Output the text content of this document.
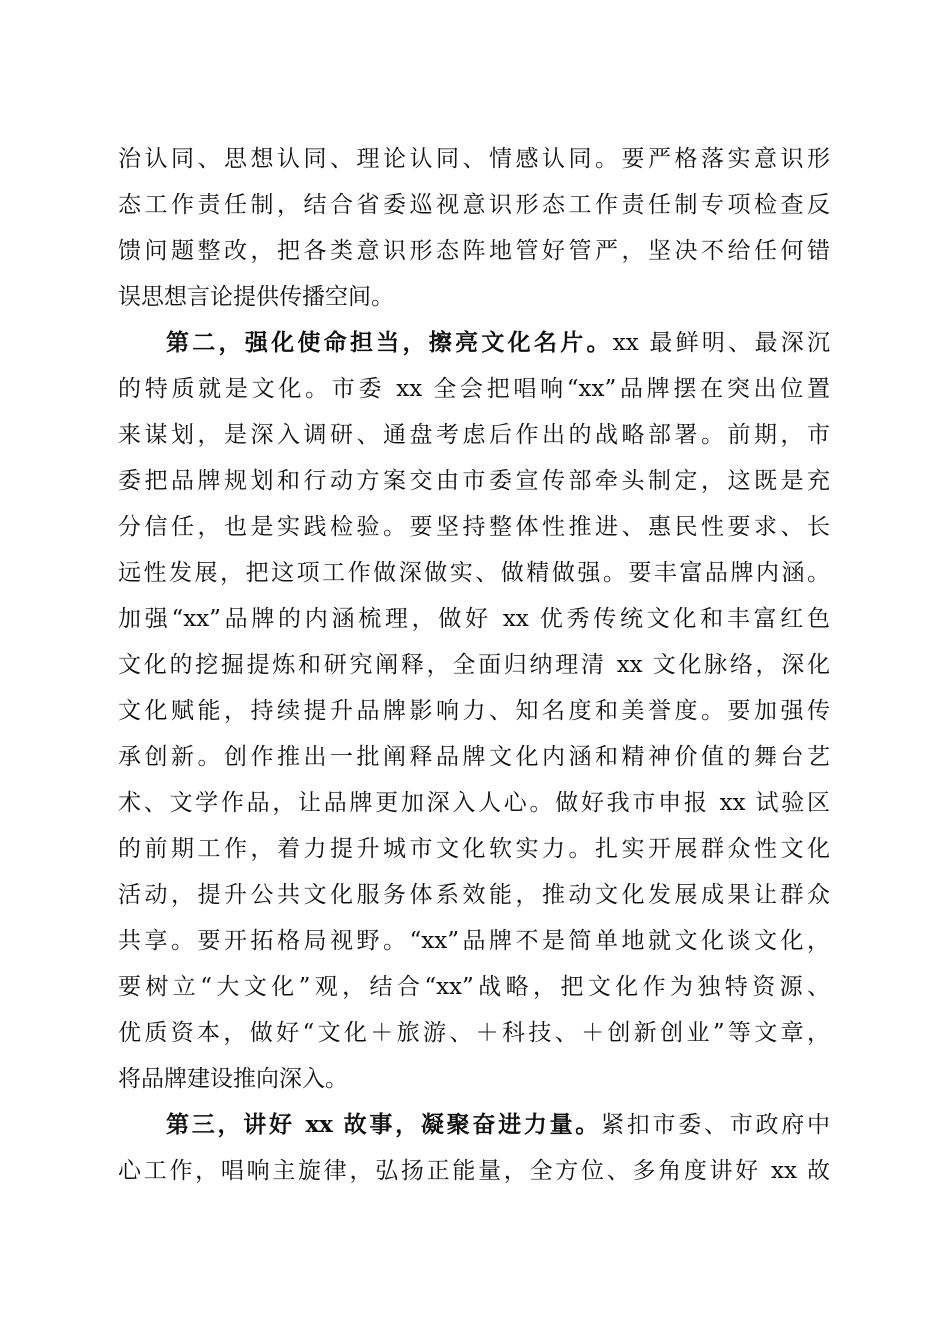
治认同、思想认同、理论认同、情感认同。要严格落实意识形
态工作责任制，结合省委巡视意识形态工作责任制专项检查反
馈问题整改，把各类意识形态阵地管好管严，坚决不给任何错
误思想言论提供传播空间。
第二，强化使命担当，擦亮文化名片。xx 最鲜明、最深沉
的特质就是文化。市委 xx 全会把唱响“xx”品牌摆在突出位置
来谋划，是深入调研、通盘考虑后作出的战略部署。前期，市
委把品牌规划和行动方案交由市委宣传部牵头制定，这既是充
分信任，也是实践检验。要坚持整体性推进、惠民性要求、长
远性发展，把这项工作做深做实、做精做强。要丰富品牌内涵。
加强“xx”品牌的内涵梳理，做好 xx 优秀传统文化和丰富红色
文化的挖掘提炼和研究阐释，全面归纳理清 xx 文化脉络，深化
文化赋能，持续提升品牌影响力、知名度和美誉度。要加强传
承创新。创作推出一批阐释品牌文化内涵和精神价值的舞台艺
术、文学作品，让品牌更加深入人心。做好我市申报 xx 试验区
的前期工作，着力提升城市文化软实力。扎实开展群众性文化
活动，提升公共文化服务体系效能，推动文化发展成果让群众
共享。要开拓格局视野。“xx”品牌不是简单地就文化谈文化，
要树立“大文化”观，结合“xx”战略，把文化作为独特资源、
优质资本，做好“文化＋旅游、＋科技、＋创新创业”等文章，
将品牌建设推向深入。
第三，讲好 xx 故事，凝聚奋进力量。紧扣市委、市政府中
心工作，唱响主旋律，弘扬正能量，全方位、多角度讲好 xx 故
